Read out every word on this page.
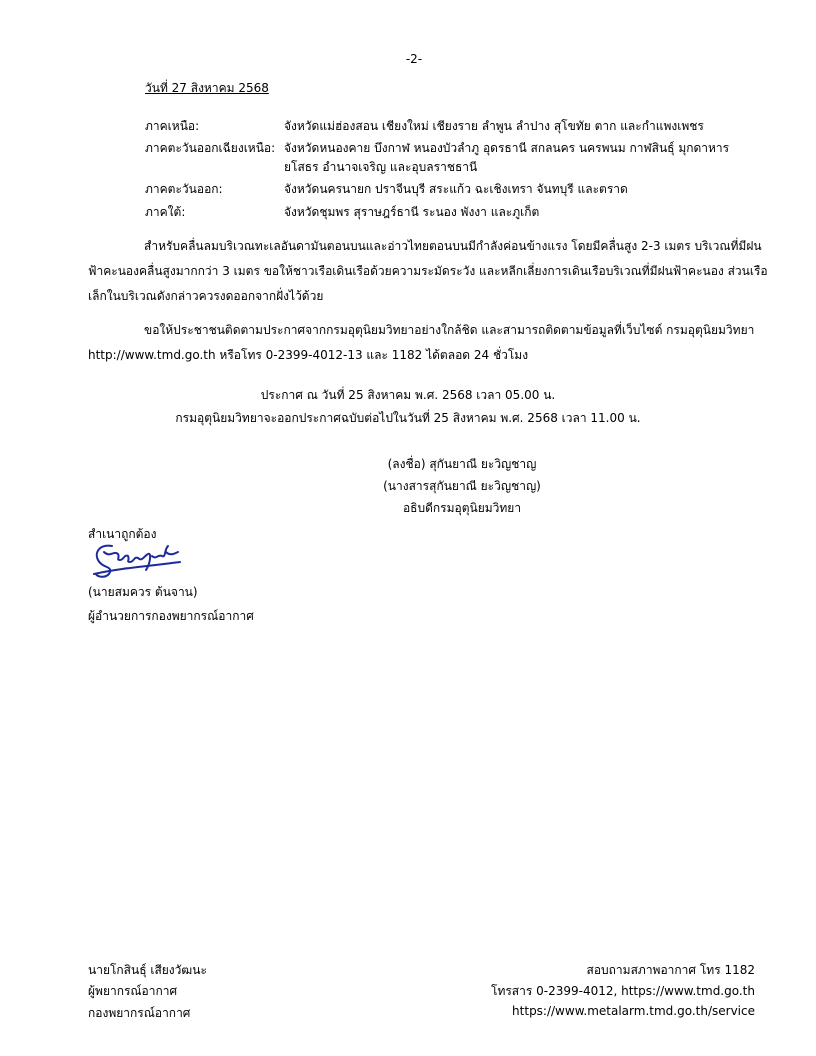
-2-
วันที่ 27 สิงหาคม 2568
ภาคเหนือ:	จังหวัดแม่ฮ่องสอน เชียงใหม่ เชียงราย ลำพูน ลำปาง สุโขทัย ตาก และกำแพงเพชร
ภาคตะวันออกเฉียงเหนือ: จังหวัดหนองคาย บึงกาฬ หนองบัวลำภู อุดรธานี สกลนคร นครพนม กาฬสินธุ์ มุกดาหาร
ยโสธร อำนาจเจริญ และอุบลราชธานี
ภาคตะวันออก:	จังหวัดนครนายก ปราจีนบุรี สระแก้ว ฉะเชิงเทรา จันทบุรี และตราด
ภาคใต้:	จังหวัดชุมพร สุราษฎร์ธานี ระนอง พังงา และภูเก็ต
สำหรับคลื่นลมบริเวณทะเลอันดามันตอนบนและอ่าวไทยตอนบนมีกำลังค่อนข้างแรง โดยมีคลื่นสูง 2-3 เมตร บริเวณที่มีฝนฟ้าคะนองคลื่นสูงมากกว่า 3 เมตร ขอให้ชาวเรือเดินเรือด้วยความระมัดระวัง และหลีกเลี่ยงการเดินเรือบริเวณที่มีฝนฟ้าคะนอง ส่วนเรือเล็กในบริเวณดังกล่าวควรงดออกจากฝั่งไว้ด้วย
ขอให้ประชาชนติดตามประกาศจากกรมอุตุนิยมวิทยาอย่างใกล้ชิด และสามารถติดตามข้อมูลที่เว็บไซต์ กรมอุตุนิยมวิทยา http://www.tmd.go.th หรือโทร 0-2399-4012-13 และ 1182 ได้ตลอด 24 ชั่วโมง
ประกาศ ณ วันที่ 25 สิงหาคม พ.ศ. 2568 เวลา 05.00 น.
กรมอุตุนิยมวิทยาจะออกประกาศฉบับต่อไปในวันที่ 25 สิงหาคม พ.ศ. 2568 เวลา 11.00 น.
(ลงชื่อ) สุกันยาณี ยะวิญชาญ
(นางสารสุกันยาณี ยะวิญชาญ)
อธิบดีกรมอุตุนิยมวิทยา
สำเนาถูกต้อง
(นายสมควร ต้นจาน)
ผู้อำนวยการกองพยากรณ์อากาศ
นายโกสินธุ์ เสียงวัฒนะ
ผู้พยากรณ์อากาศ
กองพยากรณ์อากาศ
สอบถามสภาพอากาศ โทร 1182
โทรสาร 0-2399-4012, https://www.tmd.go.th
https://www.metalarm.tmd.go.th/service
